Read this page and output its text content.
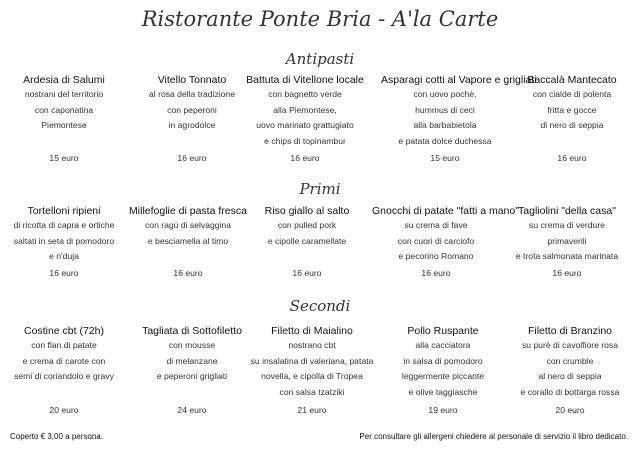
Ristorante Ponte Bria - A'la Carte
Antipasti
Ardesia di Salumi
nostrani del territorio
con caponatina
Piemontese
Vitello Tonnato
al rosa della tradizione
con peperoni
in agrodolce
Battuta di Vitellone locale
con bagnetto verde
alla Piemontese,
uovo marinato grattugiato
e chips di topinambur
Asparagi cotti al Vapore e grigliati
con uovo pochè,
hummus di ceci
alla barbabietola
e patata dolce duchessa
Baccalà Mantecato
con cialde di polenta
fritta e gocce
di nero di seppia
15 euro	16 euro	16 euro	15 euro	16 euro
Primi
Tortelloni ripieni
di ricotta di capra e ortiche
saltati in seta di pomodoro
e n'duja
Millefoglie di pasta fresca
con ragù di selvaggina
e besciamella al timo
Riso giallo al salto
con pulled pork
e cipolle caramellate
Gnocchi di patate "fatti a mano"
su crema di fave
con cuori di carciofo
e pecorino Romano
Tagliolini "della casa"
su crema di verdure
primaverili
e trota salmonata marinata
16 euro	16 euro	16 euro	16 euro	16 euro
Secondi
Costine cbt (72h)
con flan di patate
e crema di carote con
semi di coriandolo e gravy
Tagliata di Sottofiletto
con mousse
di melanzane
e peperoni grigliati
Filetto di Maialino
nostrano cbt
su insalatina di valeriana, patata
novella, e cipolla di Tropea
con salsa tzatziki
Pollo Ruspante
alla cacciatora
in salsa di pomodoro
leggermente piccante
e olive taggiasche
Filetto di Branzino
su purè di cavolfiore rosa
con crumble
al nero di seppia
e corallo di bottarga rossa
20 euro	24 euro	21 euro	19 euro	20 euro
Coperto € 3,00 a persona.	Per consultare gli allergeni chiedere al personale di servizio il libro dedicato.
